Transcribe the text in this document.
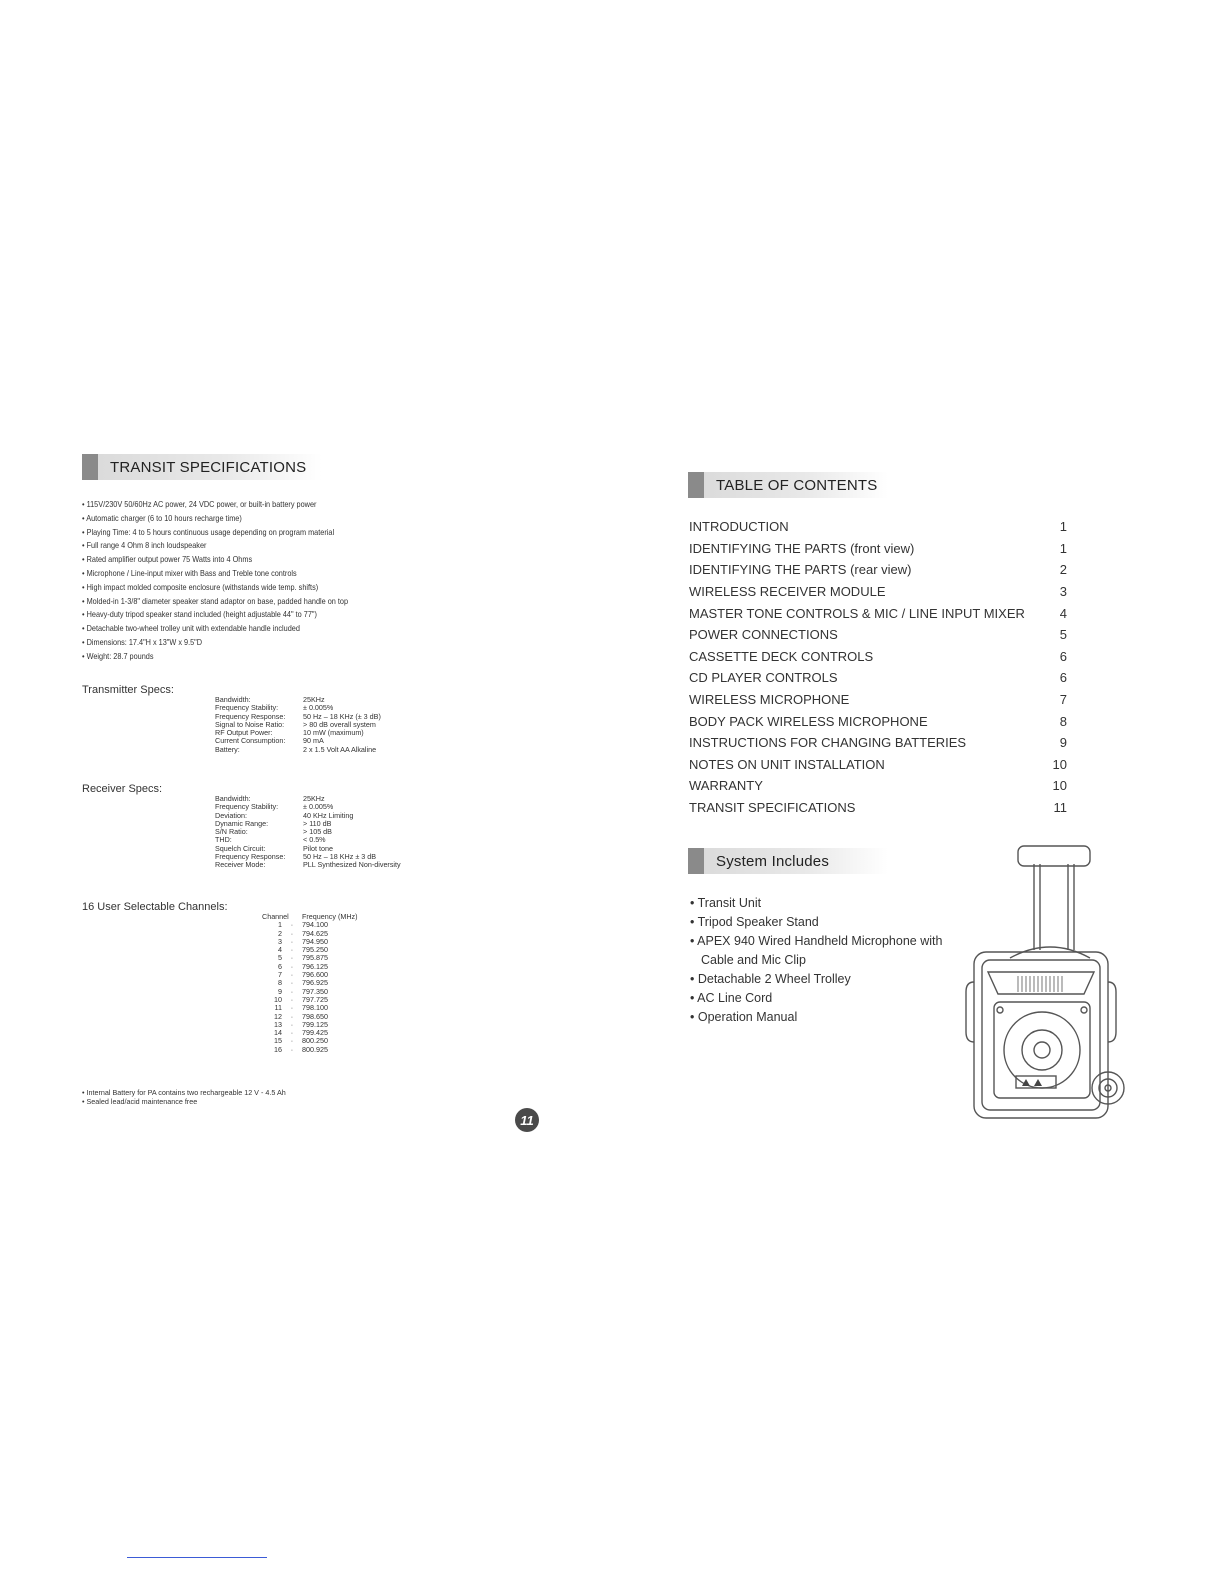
TRANSIT SPECIFICATIONS
• 115V/230V 50/60Hz AC power, 24 VDC power, or built-in battery power
• Automatic charger (6 to 10 hours recharge time)
• Playing Time: 4 to 5 hours continuous usage depending on program material
• Full range 4 Ohm 8 inch loudspeaker
• Rated amplifier output power 75 Watts into 4 Ohms
• Microphone / Line-input mixer with Bass and Treble tone controls
• High impact molded composite enclosure (withstands wide temp. shifts)
• Molded-in 1-3/8" diameter speaker stand adaptor on base, padded handle on top
• Heavy-duty tripod speaker stand included (height adjustable 44" to 77")
• Detachable two-wheel trolley unit with extendable handle included
• Dimensions: 17.4"H x 13"W x 9.5"D
• Weight: 28.7 pounds
Transmitter Specs:
Bandwidth:	25KHz
Frequency Stability:	± 0.005%
Frequency Response:	50 Hz – 18 KHz (± 3 dB)
Signal to Noise Ratio:	> 80 dB overall system
RF Output Power:	10 mW (maximum)
Current Consumption:	90 mA
Battery:	2 x 1.5 Volt AA Alkaline
Receiver Specs:
Bandwidth:	25KHz
Frequency Stability:	± 0.005%
Deviation:	40 KHz Limiting
Dynamic Range:	> 110 dB
S/N Ratio:	> 105 dB
THD:	< 0.5%
Squelch Circuit:	Pilot tone
Frequency Response:	50 Hz – 18 KHz ± 3 dB
Receiver Mode:	PLL Synthesized Non-diversity
16 User Selectable Channels:
Channel	Frequency (MHz)
1	·	794.100
2	·	794.625
3	·	794.950
4	·	795.250
5	·	795.875
6	·	796.125
7	·	796.600
8	·	796.925
9	·	797.350
10	·	797.725
11	·	798.100
12	·	798.650
13	·	799.125
14	·	799.425
15	·	800.250
16	·	800.925
• Internal Battery for PA contains two rechargeable 12 V - 4.5 Ah
• Sealed lead/acid maintenance free
11
TABLE OF CONTENTS
INTRODUCTION	1
IDENTIFYING THE PARTS (front view)	1
IDENTIFYING THE PARTS (rear view)	2
WIRELESS RECEIVER MODULE	3
MASTER TONE CONTROLS & MIC / LINE INPUT MIXER	4
POWER CONNECTIONS	5
CASSETTE DECK CONTROLS	6
CD PLAYER CONTROLS	6
WIRELESS MICROPHONE	7
BODY PACK WIRELESS MICROPHONE	8
INSTRUCTIONS FOR CHANGING BATTERIES	9
NOTES ON UNIT INSTALLATION	10
WARRANTY	10
TRANSIT SPECIFICATIONS	11
System Includes
• Transit Unit
• Tripod Speaker Stand
• APEX 940 Wired Handheld Microphone with Cable and Mic Clip
• Detachable 2 Wheel Trolley
• AC Line Cord
• Operation Manual
